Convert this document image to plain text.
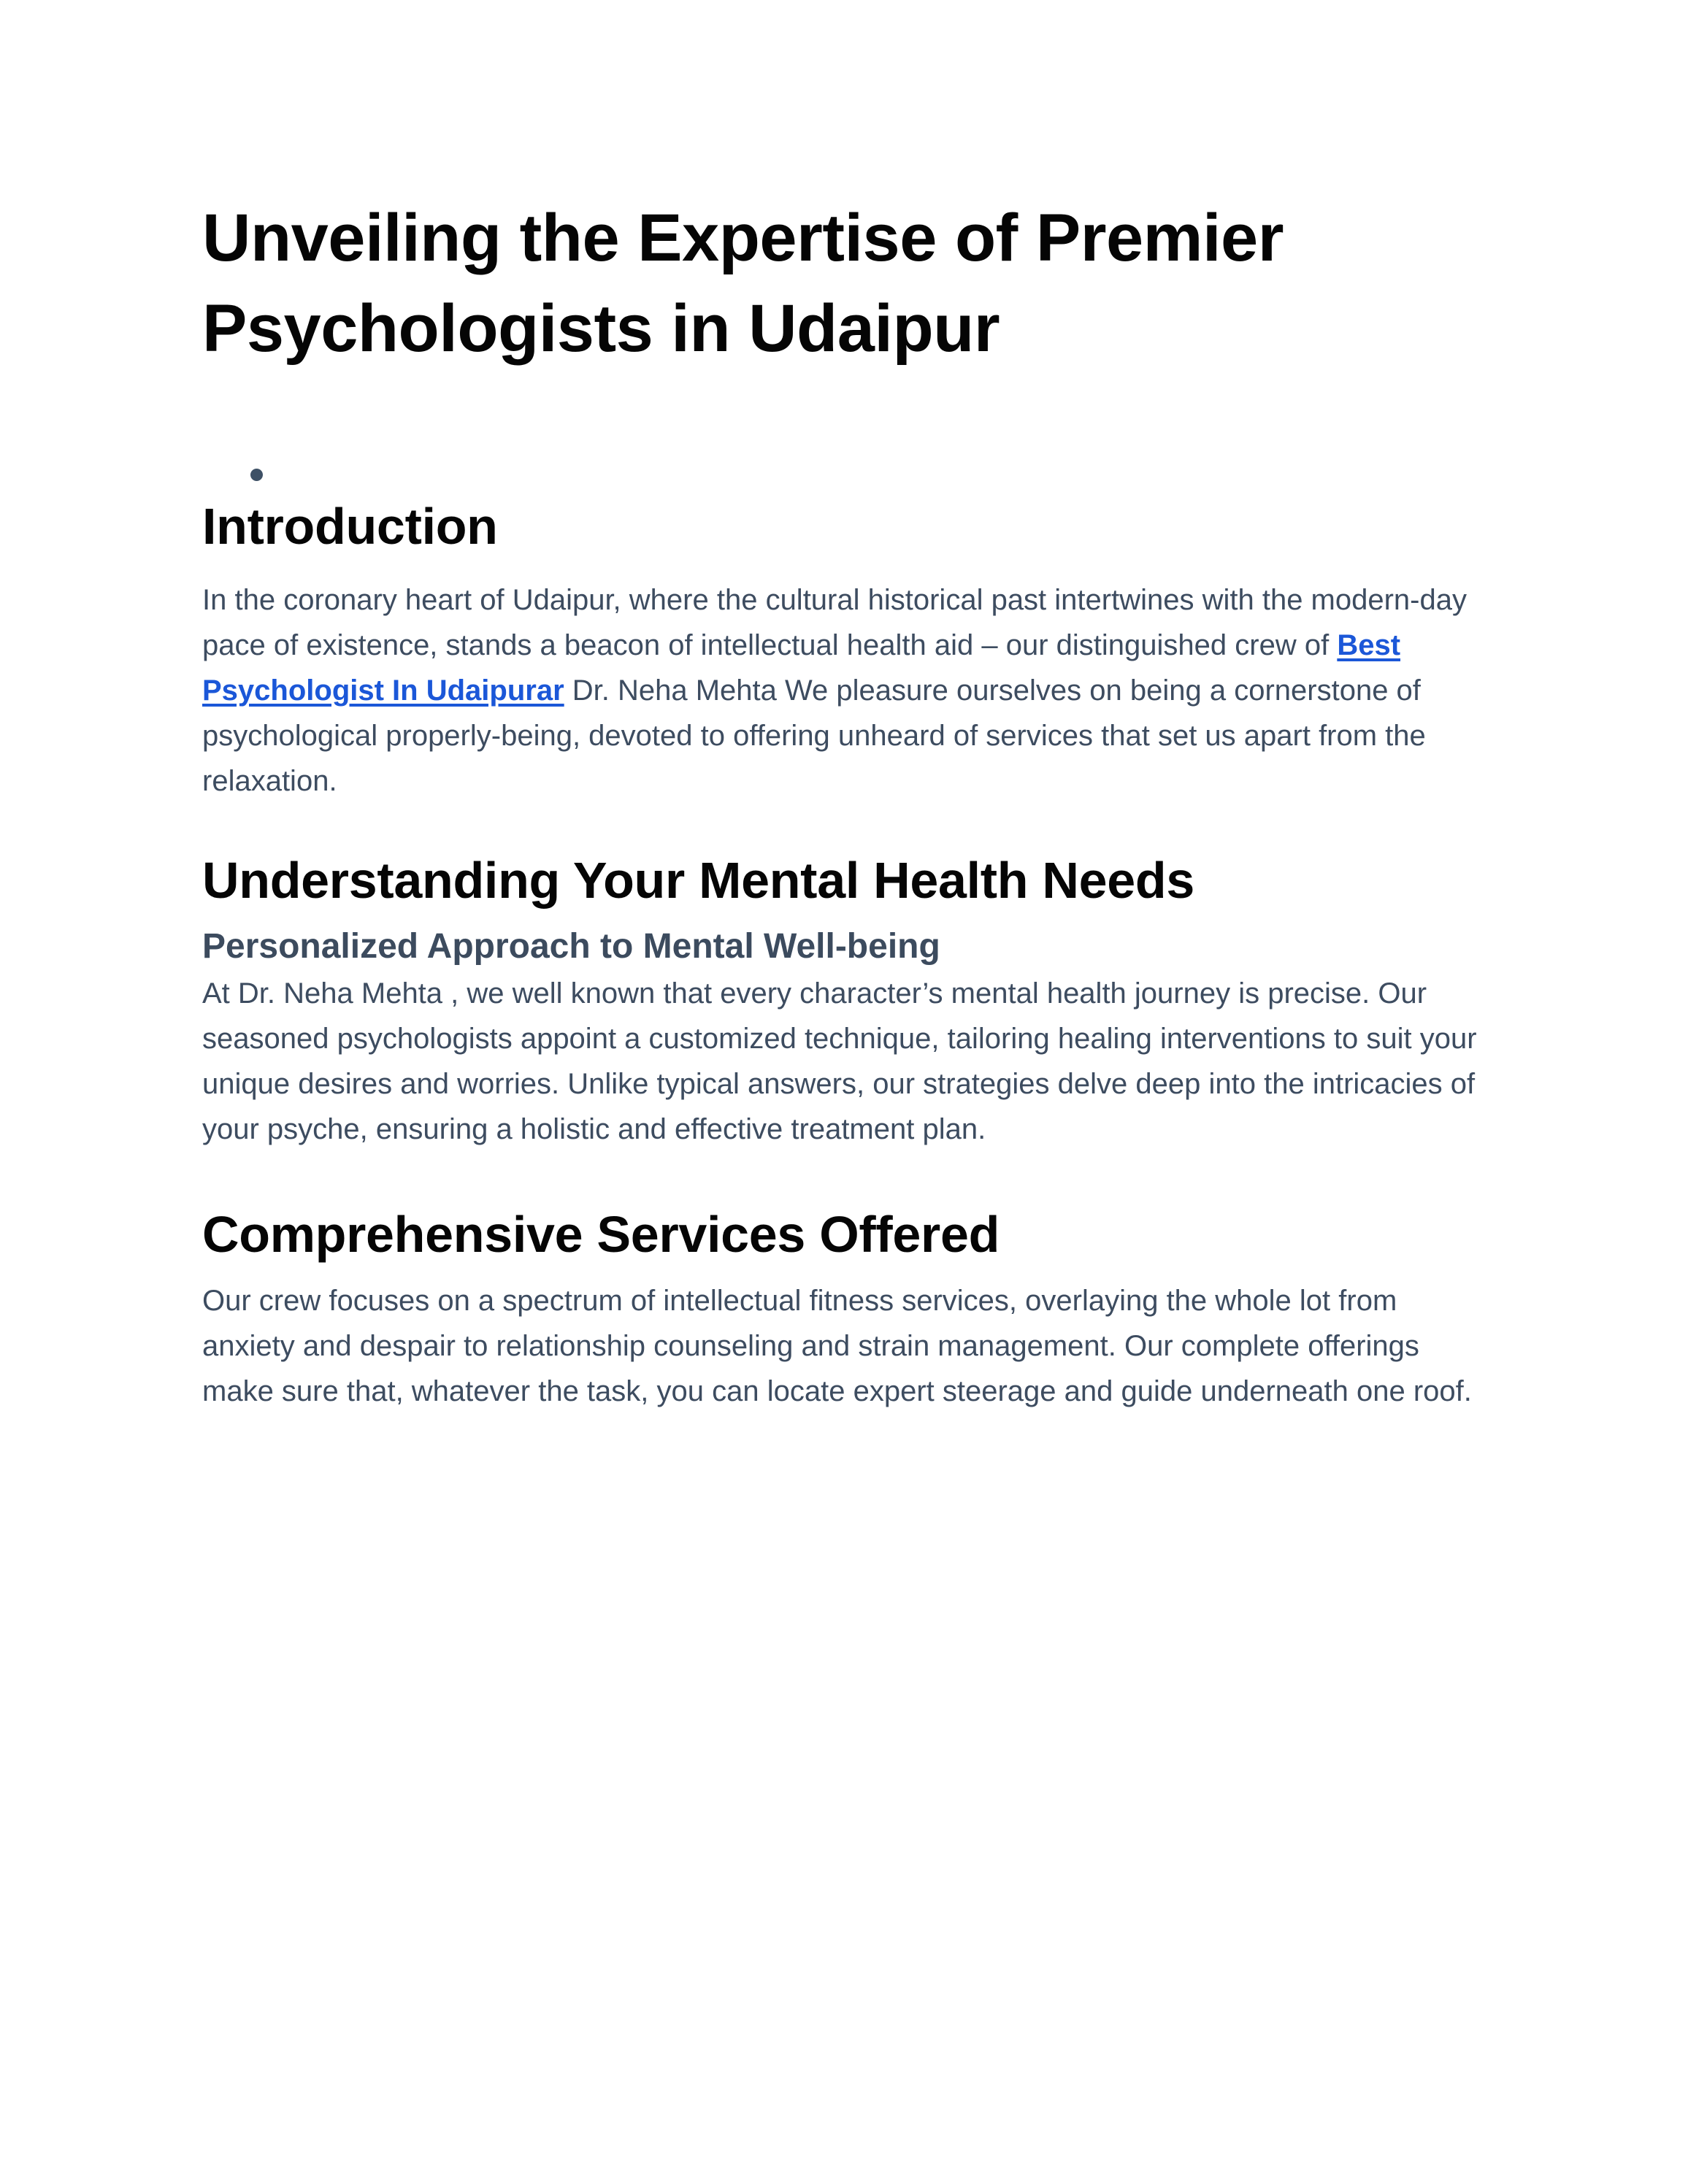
Unveiling the Expertise of Premier Psychologists in Udaipur
Introduction

In the coronary heart of Udaipur, where the cultural historical past intertwines with the modern-day pace of existence, stands a beacon of intellectual health aid – our distinguished crew of Best Psychologist In Udaipurar Dr. Neha Mehta We pleasure ourselves on being a cornerstone of psychological properly-being, devoted to offering unheard of services that set us apart from the relaxation.

Understanding Your Mental Health Needs
Personalized Approach to Mental Well-being

At Dr. Neha Mehta , we well known that every character’s mental health journey is precise. Our seasoned psychologists appoint a customized technique, tailoring healing interventions to suit your unique desires and worries. Unlike typical answers, our strategies delve deep into the intricacies of your psyche, ensuring a holistic and effective treatment plan.

Comprehensive Services Offered

Our crew focuses on a spectrum of intellectual fitness services, overlaying the whole lot from anxiety and despair to relationship counseling and strain management. Our complete offerings make sure that, whatever the task, you can locate expert steerage and guide underneath one roof.
